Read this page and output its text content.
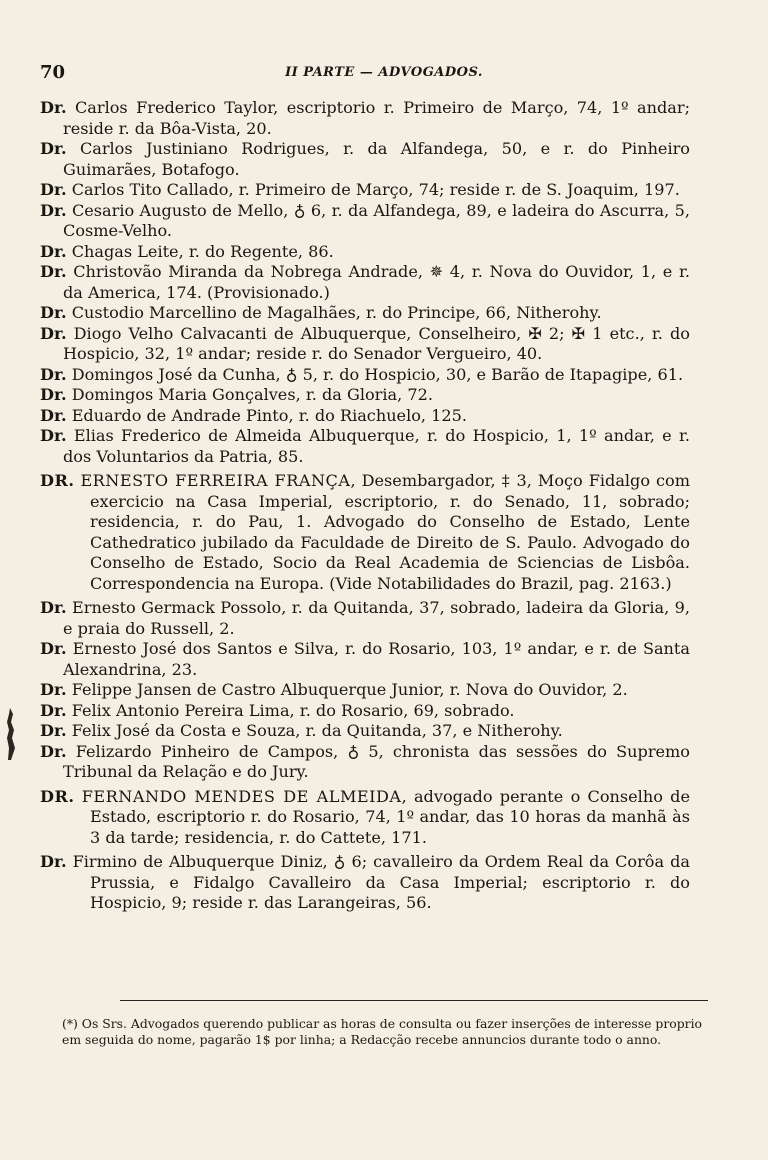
70	II PARTE — ADVOGADOS.
Dr. Carlos Frederico Taylor, escriptorio r. Primeiro de Março, 74, 1º andar; reside r. da Bôa-Vista, 20.
Dr. Carlos Justiniano Rodrigues, r. da Alfandega, 50, e r. do Pinheiro Guimarães, Botafogo.
Dr. Carlos Tito Callado, r. Primeiro de Março, 74; reside r. de S. Joaquim, 197.
Dr. Cesario Augusto de Mello, ♁ 6, r. da Alfandega, 89, e ladeira do Ascurra, 5, Cosme-Velho.
Dr. Chagas Leite, r. do Regente, 86.
Dr. Christovão Miranda da Nobrega Andrade, ✵ 4, r. Nova do Ouvidor, 1, e r. da America, 174. (Provisionado.)
Dr. Custodio Marcellino de Magalhães, r. do Principe, 66, Nitherohy.
Dr. Diogo Velho Calvacanti de Albuquerque, Conselheiro, ✠ 2; ✠ 1 etc., r. do Hospicio, 32, 1º andar; reside r. do Senador Vergueiro, 40.
Dr. Domingos José da Cunha, ♁ 5, r. do Hospicio, 30, e Barão de Itapagipe, 61.
Dr. Domingos Maria Gonçalves, r. da Gloria, 72.
Dr. Eduardo de Andrade Pinto, r. do Riachuelo, 125.
Dr. Elias Frederico de Almeida Albuquerque, r. do Hospicio, 1, 1º andar, e r. dos Voluntarios da Patria, 85.
DR. ERNESTO FERREIRA FRANÇA, Desembargador, ‡ 3, Moço Fidalgo com exercicio na Casa Imperial, escriptorio, r. do Senado, 11, sobrado; residencia, r. do Pau, 1. Advogado do Conselho de Estado, Lente Cathedratico jubilado da Faculdade de Direito de S. Paulo. Advogado do Conselho de Estado, Socio da Real Academia de Sciencias de Lisbôa. Correspondencia na Europa. (Vide Notabilidades do Brazil, pag. 2163.)
Dr. Ernesto Germack Possolo, r. da Quitanda, 37, sobrado, ladeira da Gloria, 9, e praia do Russell, 2.
Dr. Ernesto José dos Santos e Silva, r. do Rosario, 103, 1º andar, e r. de Santa Alexandrina, 23.
Dr. Felippe Jansen de Castro Albuquerque Junior, r. Nova do Ouvidor, 2.
Dr. Felix Antonio Pereira Lima, r. do Rosario, 69, sobrado.
Dr. Felix José da Costa e Souza, r. da Quitanda, 37, e Nitherohy.
Dr. Felizardo Pinheiro de Campos, ♁ 5, chronista das sessões do Supremo Tribunal da Relação e do Jury.
DR. FERNANDO MENDES DE ALMEIDA, advogado perante o Conselho de Estado, escriptorio r. do Rosario, 74, 1º andar, das 10 horas da manhã às 3 da tarde; residencia, r. do Cattete, 171.
Dr. Firmino de Albuquerque Diniz, ♁ 6; cavalleiro da Ordem Real da Corôa da Prussia, e Fidalgo Cavalleiro da Casa Imperial; escriptorio r. do Hospicio, 9; reside r. das Larangeiras, 56.
(*) Os Srs. Advogados querendo publicar as horas de consulta ou fazer inserções de interesse proprio em seguida do nome, pagarão 1$ por linha; a Redacção recebe annuncios durante todo o anno.
